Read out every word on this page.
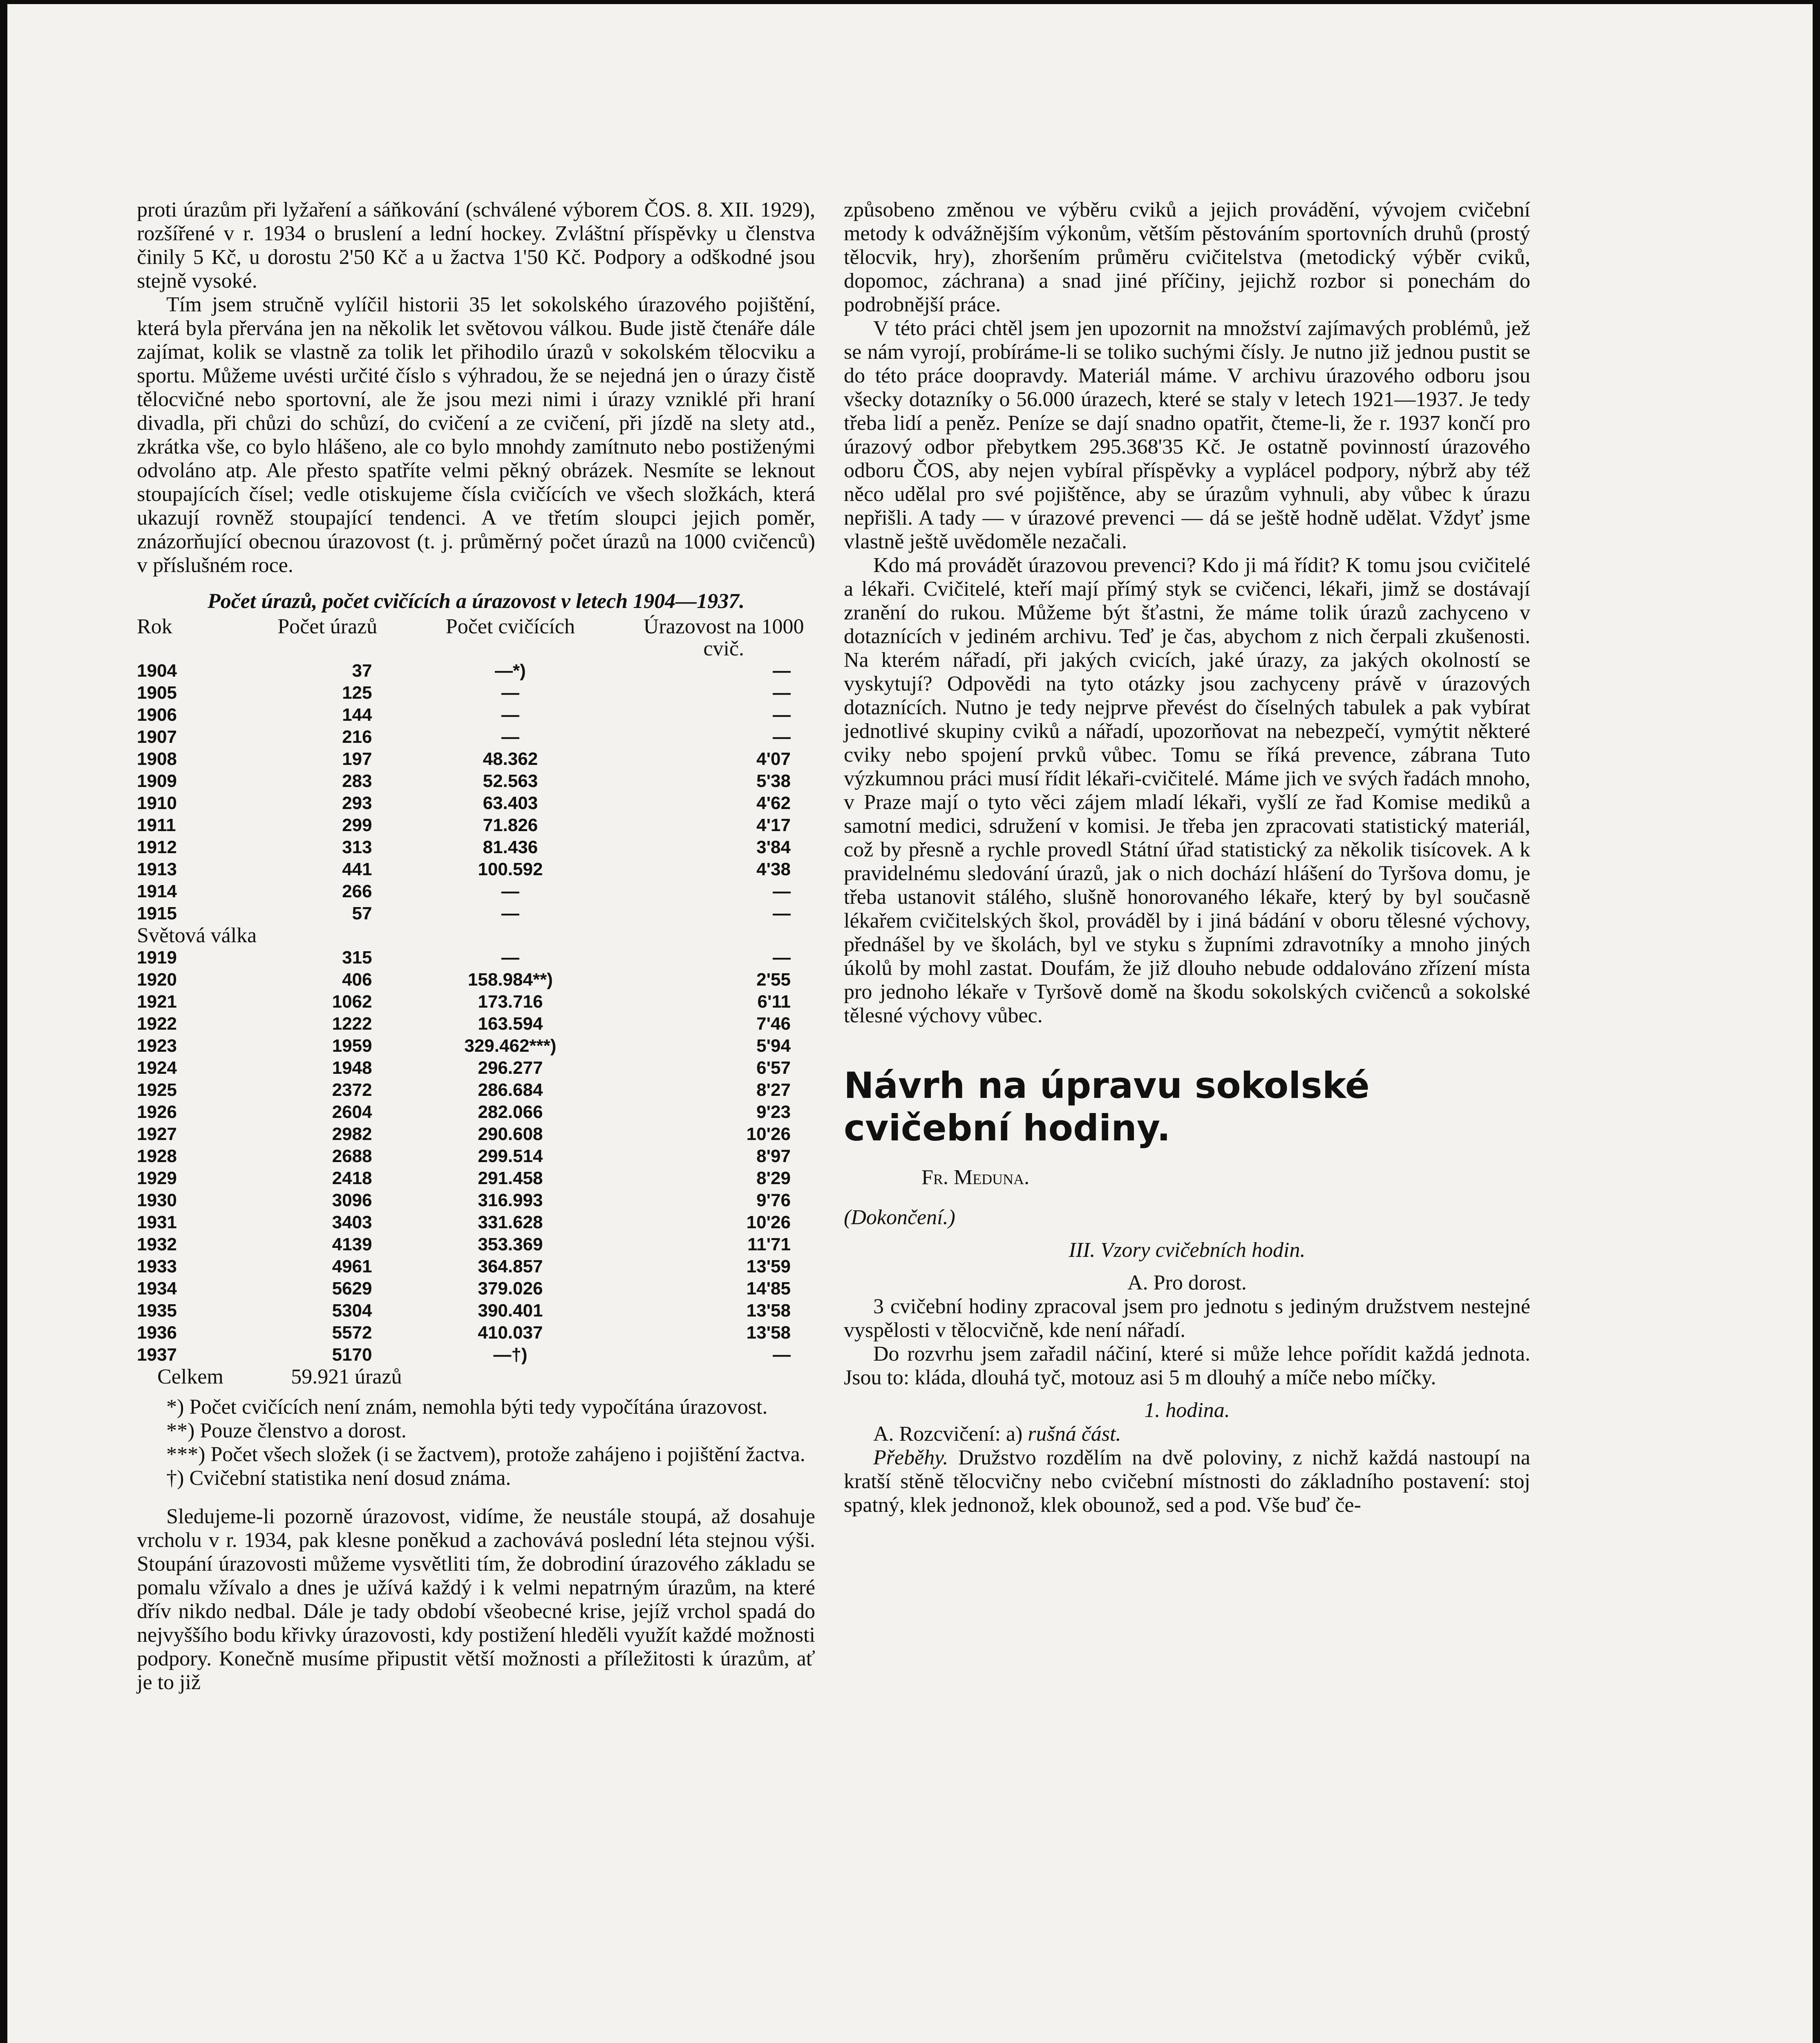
proti úrazům při lyžaření a sáňkování (schválené výborem ČOS. 8. XII. 1929), rozšířené v r. 1934 o bruslení a lední hockey. Zvláštní příspěvky u členstva činily 5 Kč, u dorostu 2'50 Kč a u žactva 1'50 Kč. Podpory a odškodné jsou stejně vysoké.

Tím jsem stručně vylíčil historii 35 let sokolského úrazového pojištění, která byla přervána jen na několik let světovou válkou. Bude jistě čtenáře dále zajímat, kolik se vlastně za tolik let přihodilo úrazů v sokolském tělocviku a sportu. Můžeme uvésti určité číslo s výhradou, že se nejedná jen o úrazy čistě tělocvičné nebo sportovní, ale že jsou mezi nimi i úrazy vzniklé při hraní divadla, při chůzi do schůzí, do cvičení a ze cvičení, při jízdě na slety atd., zkrátka vše, co bylo hlášeno, ale co bylo mnohdy zamítnuto nebo postiženými odvoláno atp. Ale přesto spatříte velmi pěkný obrázek. Nesmíte se leknout stoupajících čísel; vedle otiskujeme čísla cvičících ve všech složkách, která ukazují rovněž stoupající tendenci. A ve třetím sloupci jejich poměr, znázorňující obecnou úrazovost (t. j. průměrný počet úrazů na 1000 cvičenců) v příslušném roce.

Počet úrazů, počet cvičících a úrazovost v letech 1904—1937.
Rok	Počet úrazů	Počet cvičících	Úrazovost na 1000 cvič.
1904	37	—*)	—
1905	125	—	—
1906	144	—	—
1907	216	—	—
1908	197	48.362	4'07
1909	283	52.563	5'38
1910	293	63.403	4'62
1911	299	71.826	4'17
1912	313	81.436	3'84
1913	441	100.592	4'38
1914	266	—	—
1915	57	—	—
Světová válka			
1919	315	—	—
1920	406	158.984**)	2'55
1921	1062	173.716	6'11
1922	1222	163.594	7'46
1923	1959	329.462***)	5'94
1924	1948	296.277	6'57
1925	2372	286.684	8'27
1926	2604	282.066	9'23
1927	2982	290.608	10'26
1928	2688	299.514	8'97
1929	2418	291.458	8'29
1930	3096	316.993	9'76
1931	3403	331.628	10'26
1932	4139	353.369	11'71
1933	4961	364.857	13'59
1934	5629	379.026	14'85
1935	5304	390.401	13'58
1936	5572	410.037	13'58
1937	5170	—†)	—
Celkem	59.921 úrazů		

*) Počet cvičících není znám, nemohla býti tedy vypočítána úrazovost.

**) Pouze členstvo a dorost.

***) Počet všech složek (i se žactvem), protože zahájeno i pojištění žactva.

†) Cvičební statistika není dosud známa.

Sledujeme-li pozorně úrazovost, vidíme, že neustále stoupá, až dosahuje vrcholu v r. 1934, pak klesne poněkud a zachovává poslední léta stejnou výši. Stoupání úrazovosti můžeme vysvětliti tím, že dobrodiní úrazového základu se pomalu vžívalo a dnes je užívá každý i k velmi nepatrným úrazům, na které dřív nikdo nedbal. Dále je tady období všeobecné krise, jejíž vrchol spadá do nejvyššího bodu křivky úrazovosti, kdy postižení hleděli využít každé možnosti podpory. Konečně musíme připustit větší možnosti a příležitosti k úrazům, ať je to již

způsobeno změnou ve výběru cviků a jejich provádění, vývojem cvičební metody k odvážnějším výkonům, větším pěstováním sportovních druhů (prostý tělocvik, hry), zhoršením průměru cvičitelstva (metodický výběr cviků, dopomoc, záchrana) a snad jiné příčiny, jejichž rozbor si ponechám do podrobnější práce.

V této práci chtěl jsem jen upozornit na množství zajímavých problémů, jež se nám vyrojí, probíráme-li se toliko suchými čísly. Je nutno již jednou pustit se do této práce doopravdy. Materiál máme. V archivu úrazového odboru jsou všecky dotazníky o 56.000 úrazech, které se staly v letech 1921—1937. Je tedy třeba lidí a peněz. Peníze se dají snadno opatřit, čteme-li, že r. 1937 končí pro úrazový odbor přebytkem 295.368'35 Kč. Je ostatně povinností úrazového odboru ČOS, aby nejen vybíral příspěvky a vyplácel podpory, nýbrž aby též něco udělal pro své pojištěnce, aby se úrazům vyhnuli, aby vůbec k úrazu nepřišli. A tady — v úrazové prevenci — dá se ještě hodně udělat. Vždyť jsme vlastně ještě uvědoměle nezačali.

Kdo má provádět úrazovou prevenci? Kdo ji má řídit? K tomu jsou cvičitelé a lékaři. Cvičitelé, kteří mají přímý styk se cvičenci, lékaři, jimž se dostávají zranění do rukou. Můžeme být šťastni, že máme tolik úrazů zachyceno v dotaznících v jediném archivu. Teď je čas, abychom z nich čerpali zkušenosti. Na kterém nářadí, při jakých cvicích, jaké úrazy, za jakých okolností se vyskytují? Odpovědi na tyto otázky jsou zachyceny právě v úrazových dotaznících. Nutno je tedy nejprve převést do číselných tabulek a pak vybírat jednotlivé skupiny cviků a nářadí, upozorňovat na nebezpečí, vymýtit některé cviky nebo spojení prvků vůbec. Tomu se říká prevence, zábrana Tuto výzkumnou práci musí řídit lékaři-cvičitelé. Máme jich ve svých řadách mnoho, v Praze mají o tyto věci zájem mladí lékaři, vyšlí ze řad Komise mediků a samotní medici, sdružení v komisi. Je třeba jen zpracovati statistický materiál, což by přesně a rychle provedl Státní úřad statistický za několik tisícovek. A k pravidelnému sledování úrazů, jak o nich dochází hlášení do Tyršova domu, je třeba ustanovit stálého, slušně honorovaného lékaře, který by byl současně lékařem cvičitelských škol, prováděl by i jiná bádání v oboru tělesné výchovy, přednášel by ve školách, byl ve styku s župními zdravotníky a mnoho jiných úkolů by mohl zastat. Doufám, že již dlouho nebude oddalováno zřízení místa pro jednoho lékaře v Tyršově domě na škodu sokolských cvičenců a sokolské tělesné výchovy vůbec.

Návrh na úpravu sokolské cvičební hodiny.
Fr. Meduna.
(Dokončení.)
III. Vzory cvičebních hodin.
A. Pro dorost.

3 cvičební hodiny zpracoval jsem pro jednotu s jediným družstvem nestejné vyspělosti v tělocvičně, kde není nářadí.

Do rozvrhu jsem zařadil náčiní, které si může lehce pořídit každá jednota. Jsou to: kláda, dlouhá tyč, motouz asi 5 m dlouhý a míče nebo míčky.

1. hodina.

A. Rozcvičení: a) rušná část.

Přeběhy. Družstvo rozdělím na dvě poloviny, z nichž každá nastoupí na kratší stěně tělocvičny nebo cvičební místnosti do základního postavení: stoj spatný, klek jednonož, klek obounož, sed a pod. Vše buď če-
